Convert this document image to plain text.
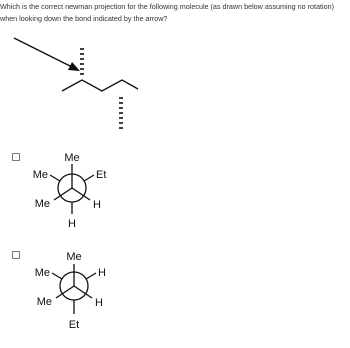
Which is the correct newman projection for the following molecule (as drawn below assuming no rotation) when looking down the bond indicated by the arrow?
Me
Me	Et
Me	H
H
Me
Me	H
Me	H
Et
